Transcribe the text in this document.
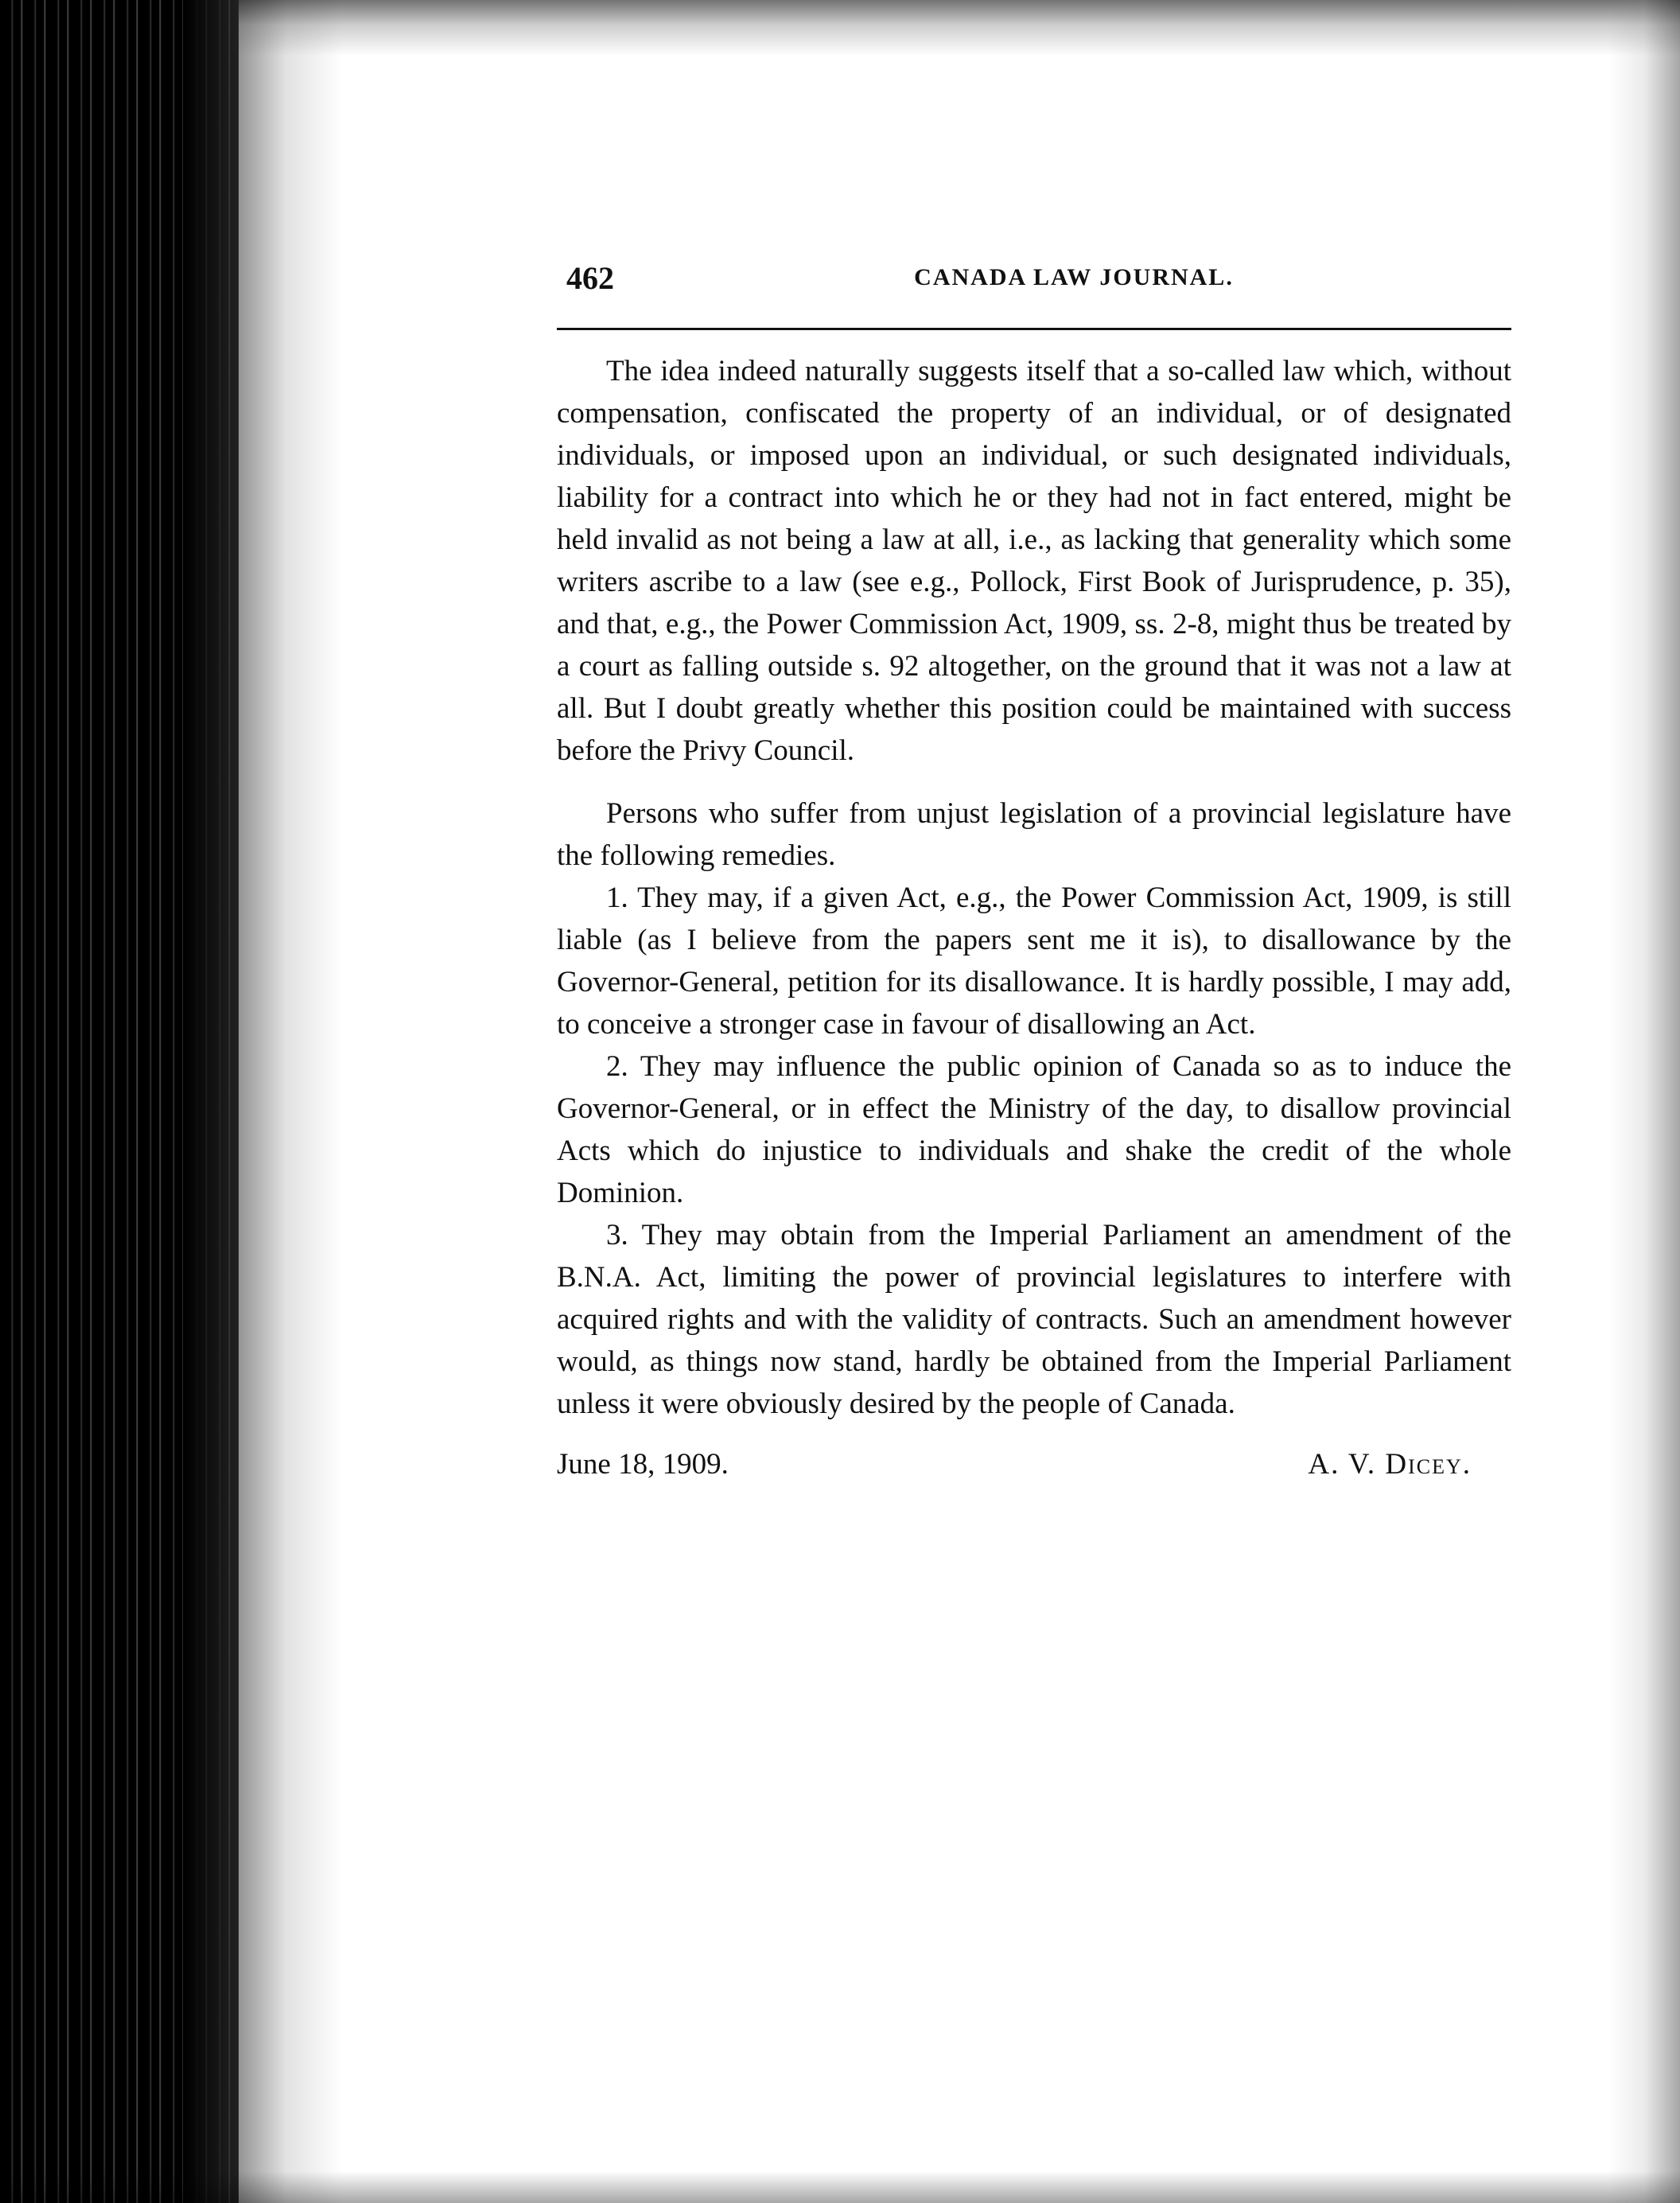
462	CANADA LAW JOURNAL.

The idea indeed naturally suggests itself that a so-called law which, without compensation, confiscated the property of an individual, or of designated individuals, or imposed upon an individual, or such designated individuals, liability for a contract into which he or they had not in fact entered, might be held invalid as not being a law at all, i.e., as lacking that generality which some writers ascribe to a law (see e.g., Pollock, First Book of Jurisprudence, p. 35), and that, e.g., the Power Commission Act, 1909, ss. 2-8, might thus be treated by a court as falling outside s. 92 altogether, on the ground that it was not a law at all. But I doubt greatly whether this position could be maintained with success before the Privy Council.

Persons who suffer from unjust legislation of a provincial legislature have the following remedies.

1. They may, if a given Act, e.g., the Power Commission Act, 1909, is still liable (as I believe from the papers sent me it is), to disallowance by the Governor-General, petition for its disallowance. It is hardly possible, I may add, to conceive a stronger case in favour of disallowing an Act.

2. They may influence the public opinion of Canada so as to induce the Governor-General, or in effect the Ministry of the day, to disallow provincial Acts which do injustice to individuals and shake the credit of the whole Dominion.

3. They may obtain from the Imperial Parliament an amendment of the B.N.A. Act, limiting the power of provincial legislatures to interfere with acquired rights and with the validity of contracts. Such an amendment however would, as things now stand, hardly be obtained from the Imperial Parliament unless it were obviously desired by the people of Canada.

June 18, 1909.	A. V. Dicey.
